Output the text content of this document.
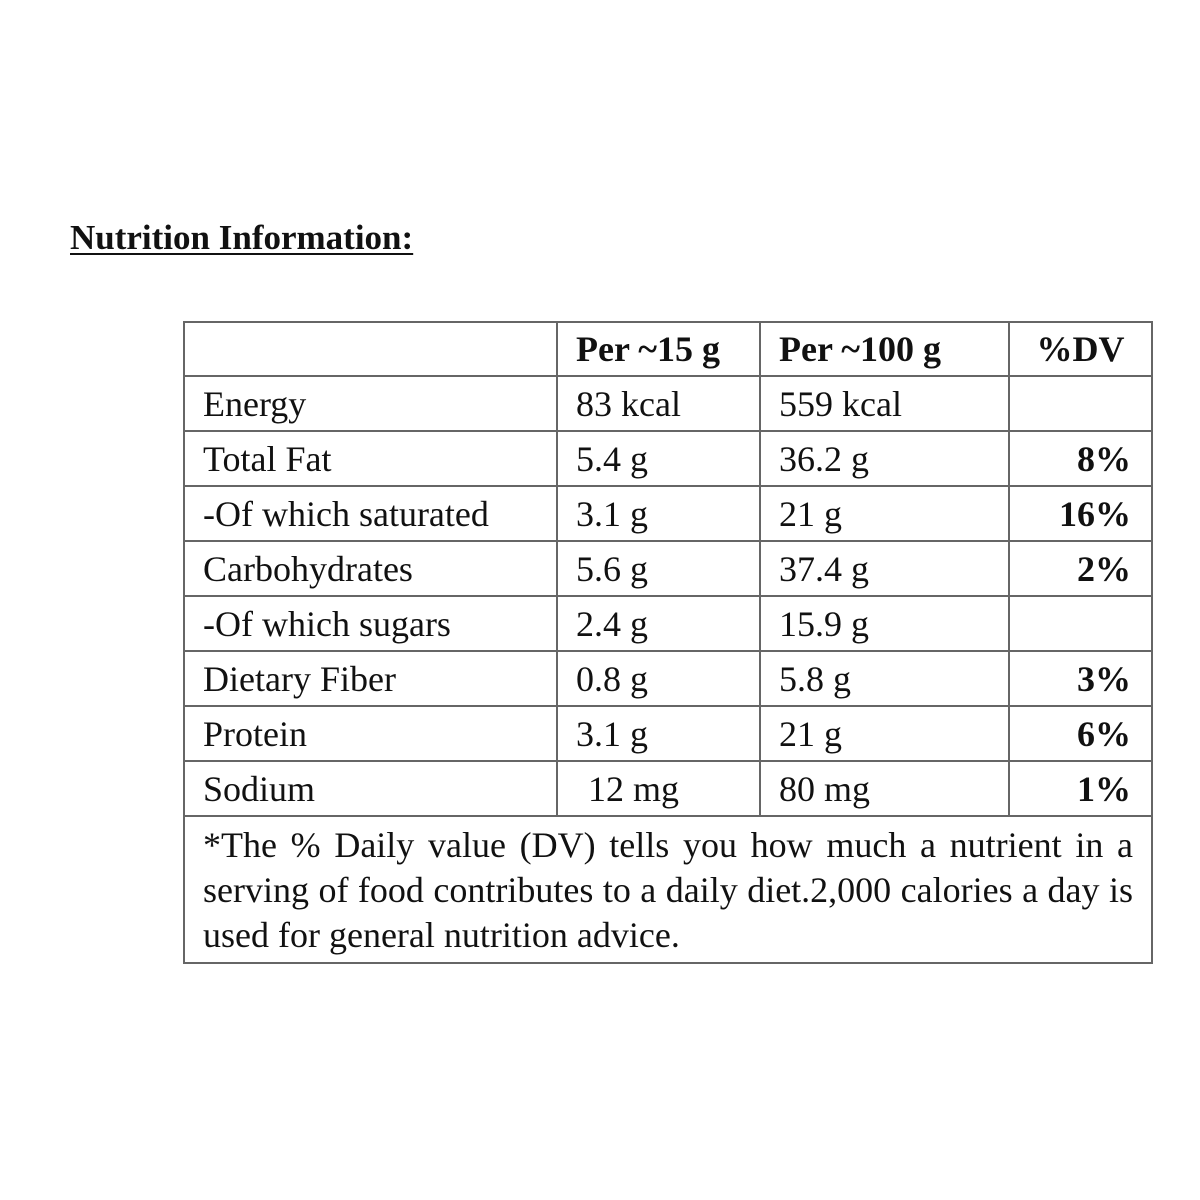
Nutrition Information:
	Per ~15 g	Per ~100 g	%DV
Energy	83 kcal	559 kcal	
Total Fat	5.4 g	36.2 g	8%
-Of which saturated	3.1 g	21 g	16%
Carbohydrates	5.6 g	37.4 g	2%
-Of which sugars	2.4 g	15.9 g	
Dietary Fiber	0.8 g	5.8 g	3%
Protein	3.1 g	21 g	6%
Sodium	12 mg	80 mg	1%
*The % Daily value (DV) tells you how much a nutrient in a serving of food contributes to a daily diet.2,000 calories a day is used for general nutrition advice.			
